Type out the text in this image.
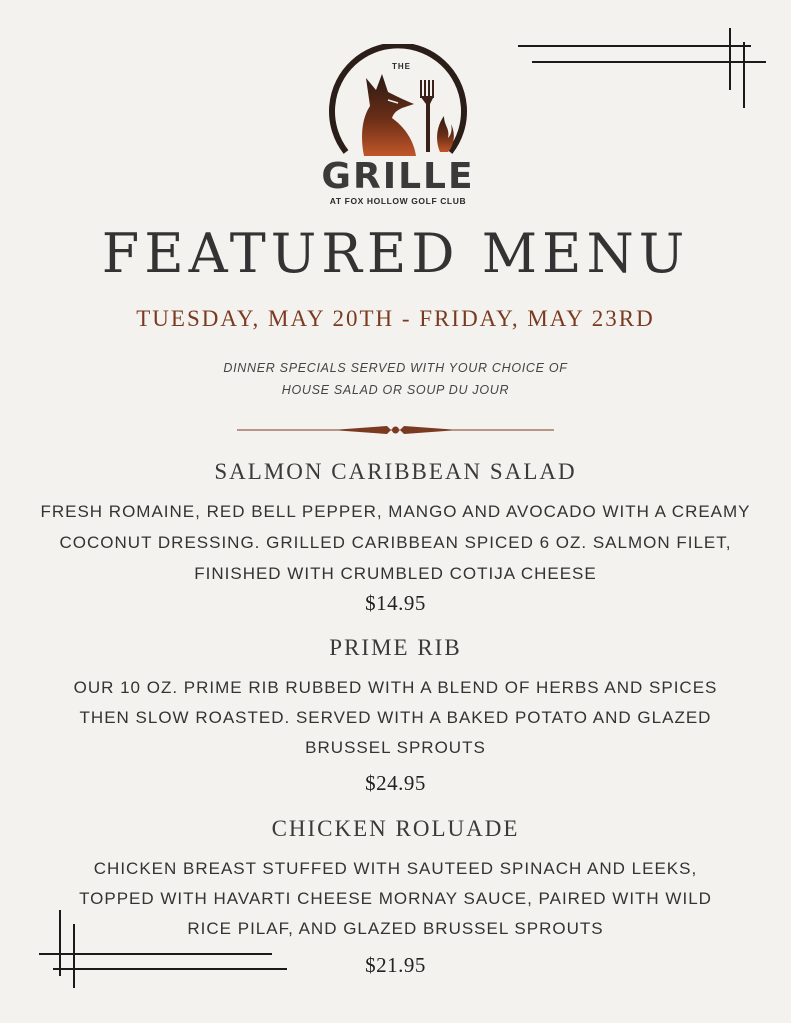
THE
GRILLE
AT FOX HOLLOW GOLF CLUB
FEATURED MENU
TUESDAY, MAY 20TH - FRIDAY, MAY 23RD
DINNER SPECIALS SERVED WITH YOUR CHOICE OF
HOUSE SALAD OR SOUP DU JOUR
SALMON CARIBBEAN SALAD
FRESH ROMAINE, RED BELL PEPPER, MANGO AND AVOCADO WITH A CREAMY
COCONUT DRESSING. GRILLED CARIBBEAN SPICED 6 OZ. SALMON FILET,
FINISHED WITH CRUMBLED COTIJA CHEESE
$14.95
PRIME RIB
OUR 10 OZ. PRIME RIB RUBBED WITH A BLEND OF HERBS AND SPICES
THEN SLOW ROASTED. SERVED WITH A BAKED POTATO AND GLAZED
BRUSSEL SPROUTS
$24.95
CHICKEN ROLUADE
CHICKEN BREAST STUFFED WITH SAUTEED SPINACH AND LEEKS,
TOPPED WITH HAVARTI CHEESE MORNAY SAUCE, PAIRED WITH WILD
RICE PILAF, AND GLAZED BRUSSEL SPROUTS
$21.95
